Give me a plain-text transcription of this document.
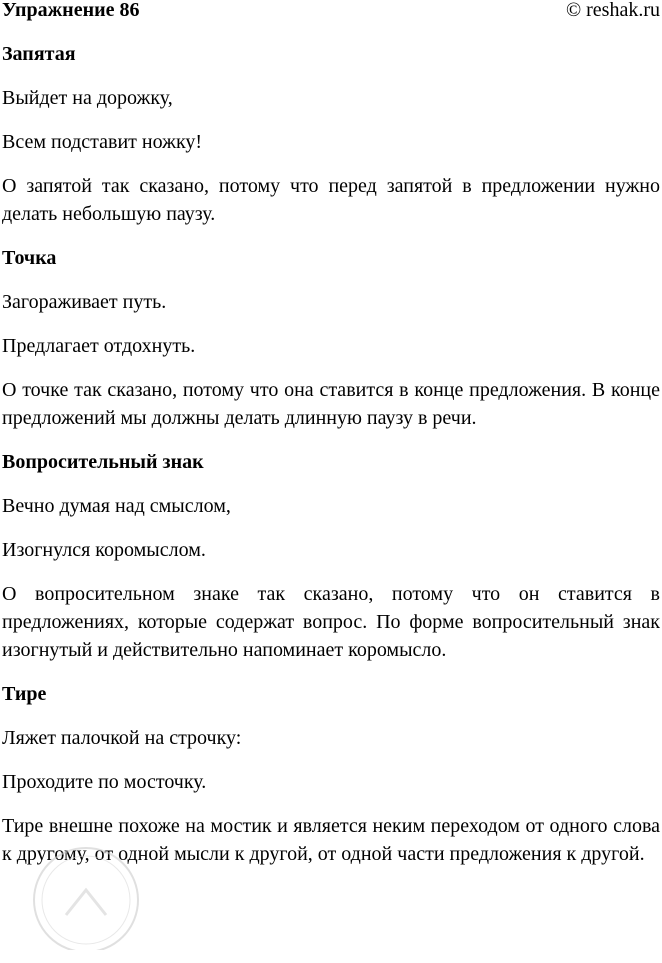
Упражнение 86	© reshak.ru
Запятая
Выйдет на дорожку,
Всем подставит ножку!
О запятой так сказано, потому что перед запятой в предложении нужно делать небольшую паузу.
Точка
Загораживает путь.
Предлагает отдохнуть.
О точке так сказано, потому что она ставится в конце предложения. В конце предложений мы должны делать длинную паузу в речи.
Вопросительный знак
Вечно думая над смыслом,
Изогнулся коромыслом.
О вопросительном знаке так сказано, потому что он ставится в предложениях, которые содержат вопрос. По форме вопросительный знак изогнутый и действительно напоминает коромысло.
Тире
Ляжет палочкой на строчку:
Проходите по мосточку.
Тире внешне похоже на мостик и является неким переходом от одного слова к другому, от одной мысли к другой, от одной части предложения к другой.
